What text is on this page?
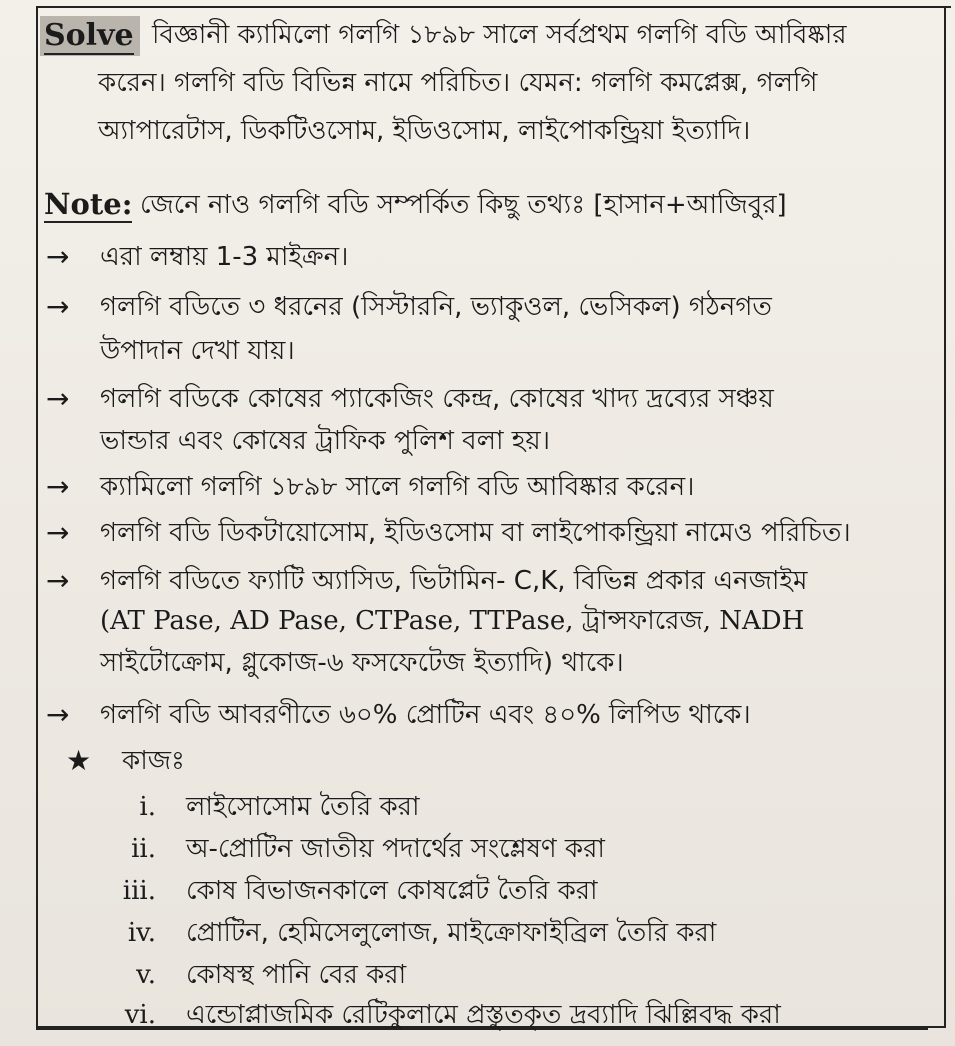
Solve বিজ্ঞানী ক্যামিলো গলগি ১৮৯৮ সালে সর্বপ্রথম গলগি বডি আবিষ্কার
করেন। গলগি বডি বিভিন্ন নামে পরিচিত। যেমন: গলগি কমপ্লেক্স, গলগি
অ্যাপারেটাস, ডিকটিওসোম, ইডিওসোম, লাইপোকন্ড্রিয়া ইত্যাদি।
Note: জেনে নাও গলগি বডি সম্পর্কিত কিছু তথ্যঃ [হাসান+আজিবুর]
→ এরা লম্বায় 1-3 মাইক্রন।
→ গলগি বডিতে ৩ ধরনের (সিস্টারনি, ভ্যাকুওল, ভেসিকল) গঠনগত
উপাদান দেখা যায়।
→ গলগি বডিকে কোষের প্যাকেজিং কেন্দ্র, কোষের খাদ্য দ্রব্যের সঞ্চয়
ভান্ডার এবং কোষের ট্রাফিক পুলিশ বলা হয়।
→ ক্যামিলো গলগি ১৮৯৮ সালে গলগি বডি আবিষ্কার করেন।
→ গলগি বডি ডিকটায়োসোম, ইডিওসোম বা লাইপোকন্ড্রিয়া নামেও পরিচিত।
→ গলগি বডিতে ফ্যাটি অ্যাসিড, ভিটামিন- C,K, বিভিন্ন প্রকার এনজাইম
(AT Pase, AD Pase, CTPase, TTPase, ট্রান্সফারেজ, NADH
সাইটোক্রোম, গ্লুকোজ-৬ ফসফেটেজ ইত্যাদি) থাকে।
→ গলগি বডি আবরণীতে ৬০% প্রোটিন এবং ৪০% লিপিড থাকে।
★ কাজঃ
i. লাইসোসোম তৈরি করা
ii. অ-প্রোটিন জাতীয় পদার্থের সংশ্লেষণ করা
iii. কোষ বিভাজনকালে কোষপ্লেট তৈরি করা
iv. প্রোটিন, হেমিসেলুলোজ, মাইক্রোফাইব্রিল তৈরি করা
v. কোষস্থ পানি বের করা
vi. এন্ডোপ্লাজমিক রেটিকুলামে প্রস্তুতকৃত দ্রব্যাদি ঝিল্লিবদ্ধ করা
